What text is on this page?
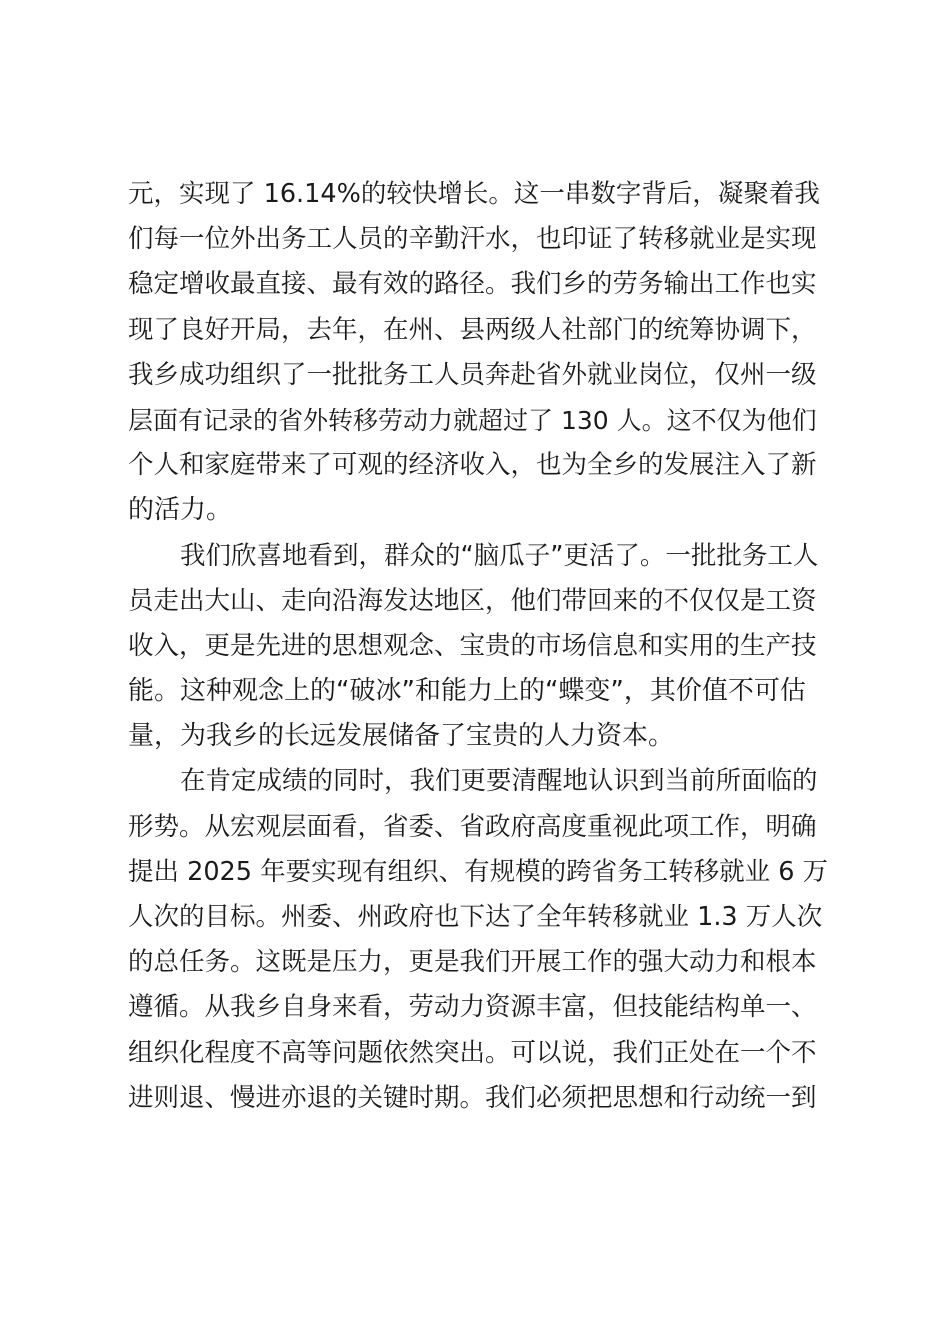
元，实现了 16.14%的较快增长。这一串数字背后，凝聚着我
们每一位外出务工人员的辛勤汗水，也印证了转移就业是实现
稳定增收最直接、最有效的路径。我们乡的劳务输出工作也实
现了良好开局，去年，在州、县两级人社部门的统筹协调下，
我乡成功组织了一批批务工人员奔赴省外就业岗位，仅州一级
层面有记录的省外转移劳动力就超过了 130 人。这不仅为他们
个人和家庭带来了可观的经济收入，也为全乡的发展注入了新
的活力。
我们欣喜地看到，群众的“脑瓜子”更活了。一批批务工人
员走出大山、走向沿海发达地区，他们带回来的不仅仅是工资
收入，更是先进的思想观念、宝贵的市场信息和实用的生产技
能。这种观念上的“破冰”和能力上的“蝶变”，其价值不可估
量，为我乡的长远发展储备了宝贵的人力资本。
在肯定成绩的同时，我们更要清醒地认识到当前所面临的
形势。从宏观层面看，省委、省政府高度重视此项工作，明确
提出 2025 年要实现有组织、有规模的跨省务工转移就业 6 万
人次的目标。州委、州政府也下达了全年转移就业 1.3 万人次
的总任务。这既是压力，更是我们开展工作的强大动力和根本
遵循。从我乡自身来看，劳动力资源丰富，但技能结构单一、
组织化程度不高等问题依然突出。可以说，我们正处在一个不
进则退、慢进亦退的关键时期。我们必须把思想和行动统一到
